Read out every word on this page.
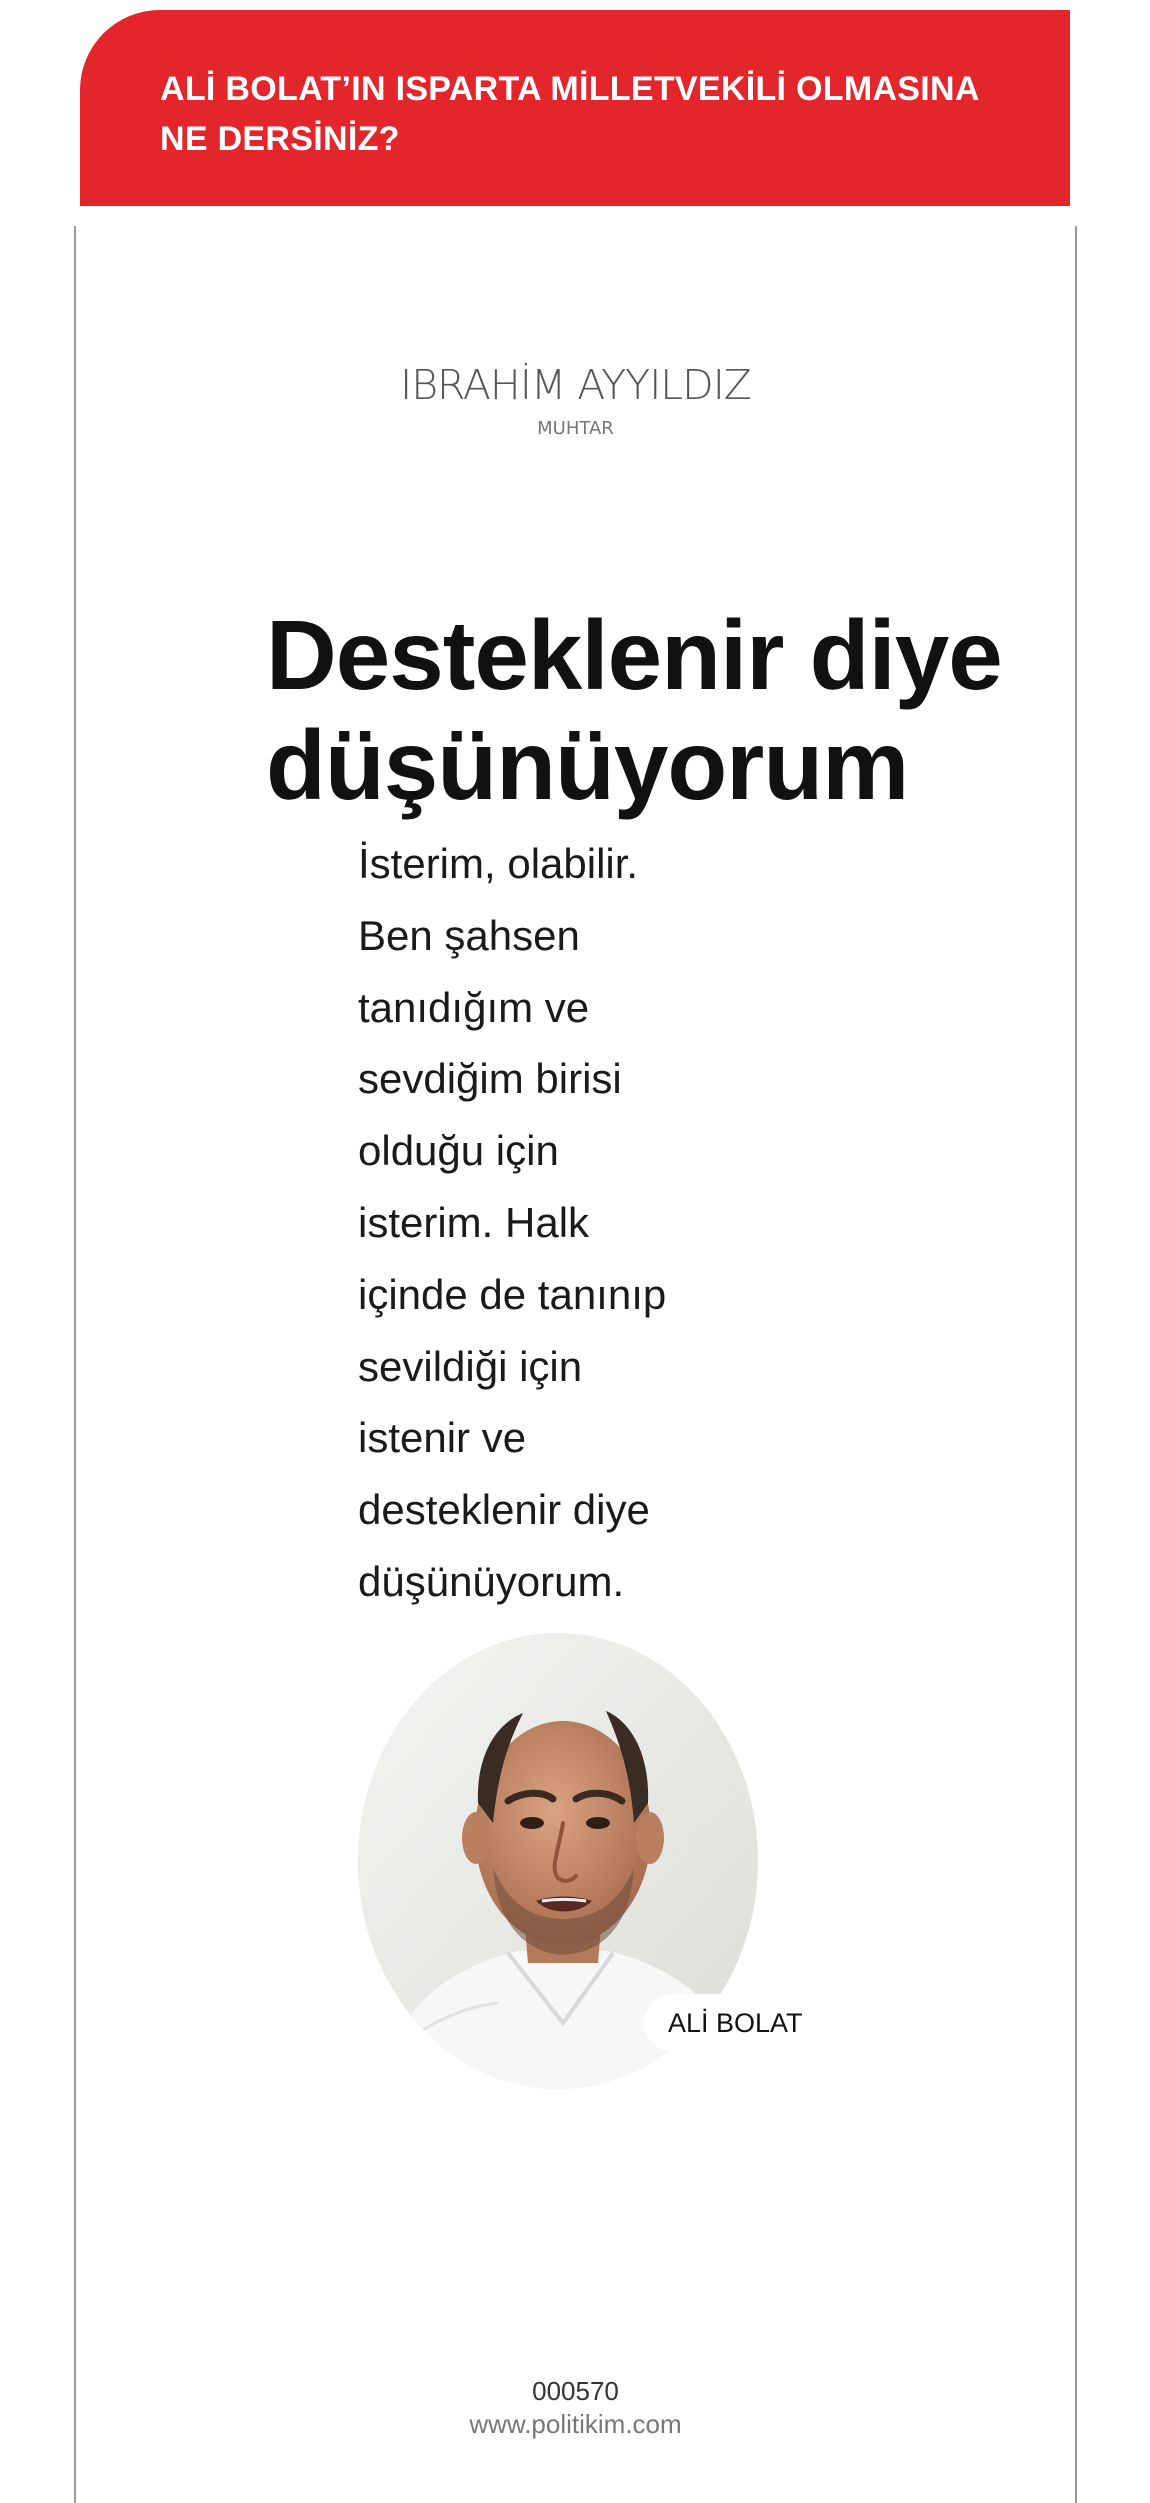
ALİ BOLAT’IN ISPARTA MİLLETVEKİLİ OLMASINA
NE DERSİNİZ?

IBRAHİM AYYILDIZ

MUHTAR

Desteklenir diye
düşünüyorum

İsterim, olabilir.
Ben şahsen
tanıdığım ve
sevdiğim birisi
olduğu için
isterim. Halk
içinde de tanınıp
sevildiği için
istenir ve
desteklenir diye
düşünüyorum.

ALİ BOLAT

000570

www.politikim.com
